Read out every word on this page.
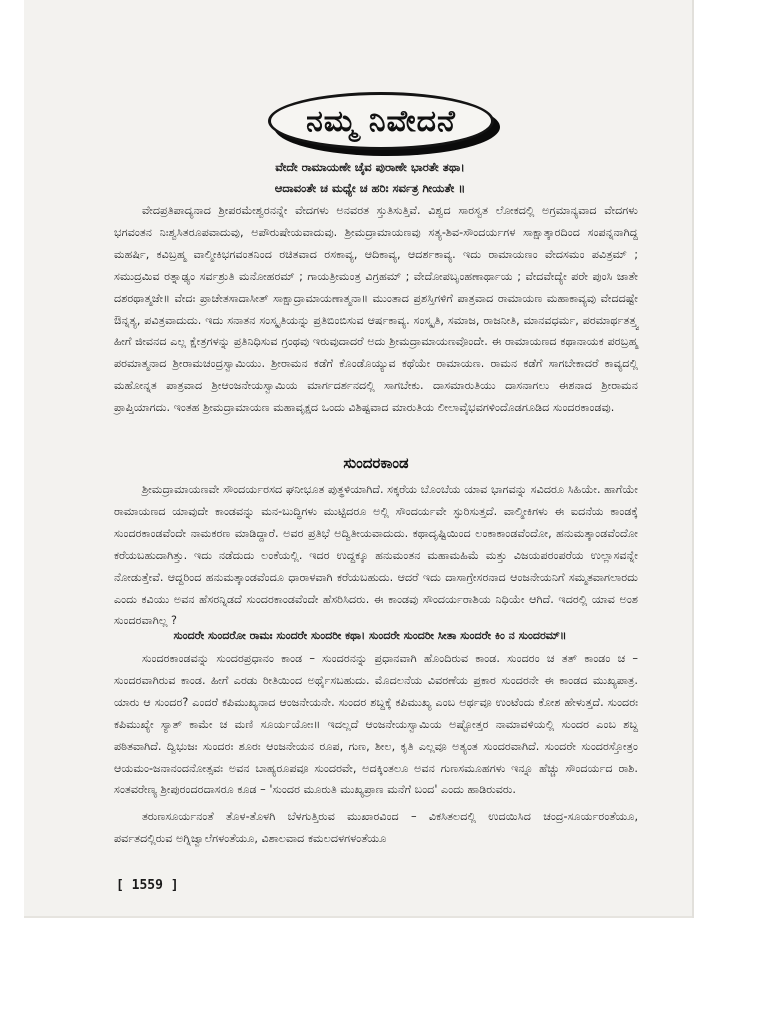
ನಮ್ಮ ನಿವೇದನೆ
ವೇದೇ ರಾಮಾಯಣೇ ಚೈವ ಪುರಾಣೇ ಭಾರತೇ ತಥಾ।
ಆದಾವಂತೇ ಚ ಮಧ್ಯೇ ಚ ಹರಿಃ ಸರ್ವತ್ರ ಗೀಯತೇ ॥

ವೇದಪ್ರತಿಪಾದ್ಯನಾದ ಶ್ರೀಪರಮೇಶ್ವರನನ್ನೇ ವೇದಗಳು ಅನವರತ ಸ್ತುತಿಸುತ್ತಿವೆ. ವಿಶ್ವದ ಸಾರಸ್ವತ ಲೋಕದಲ್ಲಿ ಅಗ್ರಮಾನ್ಯವಾದ ವೇದಗಳು ಭಗವಂತನ ನಿಃಶ್ವಸಿತರೂಪವಾದುವು, ಅಪೌರುಷೇಯವಾದುವು. ಶ್ರೀಮದ್ರಾಮಾಯಣವು ಸತ್ಯ-ಶಿವ-ಸೌಂದರ್ಯಗಳ ಸಾಕ್ಷಾತ್ಕಾರದಿಂದ ಸಂಪನ್ನನಾಗಿದ್ದ ಮಹರ್ಷಿ, ಕವಿಬ್ರಹ್ಮ ವಾಲ್ಮೀಕಿಭಗವಂತನಿಂದ ರಚಿತವಾದ ರಸಕಾವ್ಯ, ಆದಿಕಾವ್ಯ, ಆದರ್ಶಕಾವ್ಯ. ಇದು ರಾಮಾಯಣಂ ವೇದಸಮಂ ಪವಿತ್ರಮ್ ; ಸಮುದ್ರಮಿವ ರತ್ನಾಢ್ಯಂ ಸರ್ವಶ್ರುತಿ ಮನೋಹರಮ್ ; ಗಾಯತ್ರೀಮಂತ್ರ ವಿಗ್ರಹಮ್ ; ವೇದೋಪಬೃಂಹಣಾರ್ಥಾಯ ; ವೇದವೇದ್ಯೇ ಪರೇ ಪುಂಸಿ ಜಾತೇ ದಶರಥಾತ್ಮಜೇ॥ ವೇದಃ ಪ್ರಾಚೇತಸಾದಾಸೀತ್ ಸಾಕ್ಷಾದ್ರಾಮಾಯಣಾತ್ಮನಾ॥ ಮುಂತಾದ ಪ್ರಶಸ್ತಿಗಳಿಗೆ ಪಾತ್ರವಾದ ರಾಮಾಯಣ ಮಹಾಕಾವ್ಯವು ವೇದದಷ್ಟೇ ಔನ್ನತ್ಯ, ಪವಿತ್ರವಾದುದು. ಇದು ಸನಾತನ ಸಂಸ್ಕೃತಿಯನ್ನು ಪ್ರತಿಬಿಂಬಿಸುವ ಆರ್ಷಕಾವ್ಯ. ಸಂಸ್ಕೃತಿ, ಸಮಾಜ, ರಾಜನೀತಿ, ಮಾನವಧರ್ಮ, ಪರಮಾರ್ಥತತ್ತ್ವ ಹೀಗೆ ಜೀವನದ ಎಲ್ಲ ಕ್ಷೇತ್ರಗಳನ್ನು ಪ್ರತಿನಿಧಿಸುವ ಗ್ರಂಥವು ಇರುವುದಾದರೆ ಅದು ಶ್ರೀಮದ್ರಾಮಾಯಣವೊಂದೇ. ಈ ರಾಮಾಯಣದ ಕಥಾನಾಯಕ ಪರಬ್ರಹ್ಮ ಪರಮಾತ್ಮನಾದ ಶ್ರೀರಾಮಚಂದ್ರಸ್ವಾಮಿಯು. ಶ್ರೀರಾಮನ ಕಡೆಗೆ ಕೊಂಡೊಯ್ಯುವ ಕಥೆಯೇ ರಾಮಾಯಣ. ರಾಮನ ಕಡೆಗೆ ಸಾಗಬೇಕಾದರೆ ಕಾವ್ಯದಲ್ಲಿ ಮಹೋನ್ನತ ಪಾತ್ರವಾದ ಶ್ರೀಆಂಜನೇಯಸ್ವಾಮಿಯ ಮಾರ್ಗದರ್ಶನದಲ್ಲಿ ಸಾಗಬೇಕು. ದಾಸಮಾರುತಿಯು ದಾಸನಾಗಲು ಈಶನಾದ ಶ್ರೀರಾಮನ ಪ್ರಾಪ್ತಿಯಾಗದು. ಇಂತಹ ಶ್ರೀಮದ್ರಾಮಾಯಣ ಮಹಾವೃಕ್ಷದ ಒಂದು ವಿಶಿಷ್ಟವಾದ ಮಾರುತಿಯ ಲೀಲಾವೈಭವಗಳಿಂದೊಡಗೂಡಿದ ಸುಂದರಕಾಂಡವು.

ಸುಂದರಕಾಂಡ

ಶ್ರೀಮದ್ರಾಮಾಯಣವೇ ಸೌಂದರ್ಯರಸದ ಘನೀಭೂತ ಪುತ್ಥಳಿಯಾಗಿದೆ. ಸಕ್ಕರೆಯ ಬೊಂಬೆಯ ಯಾವ ಭಾಗವನ್ನು ಸವಿದರೂ ಸಿಹಿಯೇ. ಹಾಗೆಯೇ ರಾಮಾಯಣದ ಯಾವುದೇ ಕಾಂಡವನ್ನು ಮನ-ಬುದ್ಧಿಗಳು ಮುಟ್ಟಿದರೂ ಅಲ್ಲಿ ಸೌಂದರ್ಯವೇ ಸ್ಫುರಿಸುತ್ತದೆ. ವಾಲ್ಮೀಕಿಗಳು ಈ ಐದನೆಯ ಕಾಂಡಕ್ಕೆ ಸುಂದರಕಾಂಡವೆಂದೇ ನಾಮಕರಣ ಮಾಡಿದ್ದಾರೆ. ಅವರ ಪ್ರತಿಭೆ ಅದ್ವಿತೀಯವಾದುದು. ಕಥಾದೃಷ್ಟಿಯಿಂದ ಲಂಕಾಕಾಂಡವೆಂದೋ, ಹನುಮತ್ಕಾಂಡವೆಂದೋ ಕರೆಯಬಹುದಾಗಿತ್ತು. ಇದು ನಡೆದುದು ಲಂಕೆಯಲ್ಲಿ. ಇದರ ಉದ್ದಕ್ಕೂ ಹನುಮಂತನ ಮಹಾಮಹಿಮೆ ಮತ್ತು ವಿಜಯಪರಂಪರೆಯ ಉಲ್ಲಾಸವನ್ನೇ ನೋಡುತ್ತೇವೆ. ಆದ್ದರಿಂದ ಹನುಮತ್ಕಾಂಡವೆಂದೂ ಧಾರಾಳವಾಗಿ ಕರೆಯಬಹುದು. ಆದರೆ ಇದು ದಾಸಾಗ್ರೇಸರನಾದ ಆಂಜನೇಯನಿಗೆ ಸಮ್ಮತವಾಗಲಾರದು ಎಂದು ಕವಿಯು ಅವನ ಹೆಸರನ್ನಿಡದೆ ಸುಂದರಕಾಂಡವೆಂದೇ ಹೆಸರಿಸಿದರು. ಈ ಕಾಂಡವು ಸೌಂದರ್ಯರಾಶಿಯ ನಿಧಿಯೇ ಆಗಿದೆ. ಇದರಲ್ಲಿ ಯಾವ ಅಂಶ ಸುಂದರವಾಗಿಲ್ಲ ?

ಸುಂದರೇ ಸುಂದರೋ ರಾಮಃ ಸುಂದರೇ ಸುಂದರೀ ಕಥಾ। ಸುಂದರೇ ಸುಂದರೀ ಸೀತಾ ಸುಂದರೇ ಕಿಂ ನ ಸುಂದರಮ್॥

ಸುಂದರಕಾಂಡವನ್ನು ಸುಂದರಪ್ರಧಾನಂ ಕಾಂಡ – ಸುಂದರನನ್ನು ಪ್ರಧಾನವಾಗಿ ಹೊಂದಿರುವ ಕಾಂಡ. ಸುಂದರಂ ಚ ತತ್ ಕಾಂಡಂ ಚ – ಸುಂದರವಾಗಿರುವ ಕಾಂಡ. ಹೀಗೆ ಎರಡು ರೀತಿಯಿಂದ ಅರ್ಥೈಸಬಹುದು. ಮೊದಲನೆಯ ವಿವರಣೆಯ ಪ್ರಕಾರ ಸುಂದರನೇ ಈ ಕಾಂಡದ ಮುಖ್ಯಪಾತ್ರ. ಯಾರು ಆ ಸುಂದರ? ಎಂದರೆ ಕಪಿಮುಖ್ಯನಾದ ಆಂಜನೇಯನೇ. ಸುಂದರ ಶಬ್ದಕ್ಕೆ ಕಪಿಮುಖ್ಯ ಎಂಬ ಅರ್ಥವೂ ಉಂಟೆಂದು ಕೋಶ ಹೇಳುತ್ತದೆ. ಸುಂದರಃ ಕಪಿಮುಖ್ಯೇ ಸ್ಯಾತ್ ಕಾಮೇ ಚ ಮಣಿ ಸೂರ್ಯಯೋಃ॥ ಇದಲ್ಲದೆ ಆಂಜನೇಯಸ್ವಾಮಿಯ ಅಷ್ಟೋತ್ತರ ನಾಮಾವಳಿಯಲ್ಲಿ ಸುಂದರ ಎಂಬ ಶಬ್ದ ಪಠಿತವಾಗಿದೆ. ದ್ವಿಭುಜಃ ಸುಂದರಃ ಶೂರಃ ಆಂಜನೇಯನ ರೂಪ, ಗುಣ, ಶೀಲ, ಕೃತಿ ಎಲ್ಲವೂ ಅತ್ಯಂತ ಸುಂದರವಾಗಿದೆ. ಸುಂದರೇ ಸುಂದರಸ್ತೋತ್ರಂ ಆಯಮಂ-ಜನಾನಂದನೋತ್ಸವಃ ಅವನ ಬಾಹ್ಯರೂಪವೂ ಸುಂದರವೇ, ಅದಕ್ಕಿಂತಲೂ ಅವನ ಗುಣಸಮೂಹಗಳು ಇನ್ನೂ ಹೆಚ್ಚು ಸೌಂದರ್ಯದ ರಾಶಿ. ಸಂತವರೇಣ್ಯ ಶ್ರೀಪುರಂದರದಾಸರೂ ಕೂಡ – 'ಸುಂದರ ಮೂರುತಿ ಮುಖ್ಯಪ್ರಾಣ ಮನೆಗೆ ಬಂದ' ಎಂದು ಹಾಡಿರುವರು.

ತರುಣಸೂರ್ಯನಂತೆ ತೊಳ-ತೊಳಗಿ ಬೆಳಗುತ್ತಿರುವ ಮುಖಾರವಿಂದ – ವಿಕಸಿತಲದಲ್ಲಿ ಉದಯಿಸಿದ ಚಂದ್ರ-ಸೂರ್ಯರಂತೆಯೂ, ಪರ್ವತದಲ್ಲಿರುವ ಅಗ್ನಿಜ್ವಾಲೆಗಳಂತೆಯೂ, ವಿಶಾಲವಾದ ಕಮಲದಳಗಳಂತೆಯೂ

[ 1559 ]
